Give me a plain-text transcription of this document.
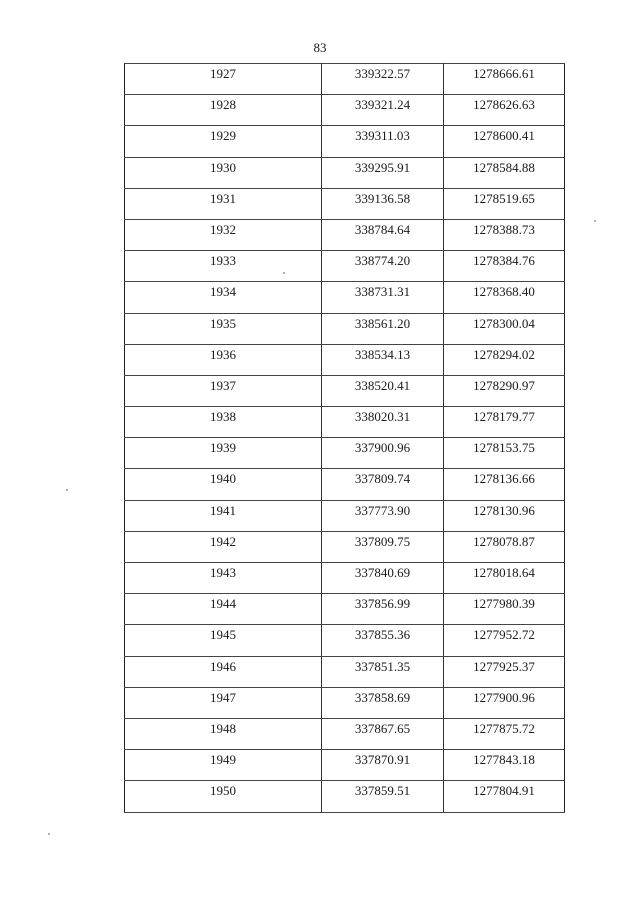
83
1927	339322.57	1278666.61

1928	339321.24	1278626.63

1929	339311.03	1278600.41

1930	339295.91	1278584.88

1931	339136.58	1278519.65

1932	338784.64	1278388.73

1933	338774.20	1278384.76

1934	338731.31	1278368.40

1935	338561.20	1278300.04

1936	338534.13	1278294.02

1937	338520.41	1278290.97

1938	338020.31	1278179.77

1939	337900.96	1278153.75

1940	337809.74	1278136.66

1941	337773.90	1278130.96

1942	337809.75	1278078.87

1943	337840.69	1278018.64

1944	337856.99	1277980.39

1945	337855.36	1277952.72

1946	337851.35	1277925.37

1947	337858.69	1277900.96

1948	337867.65	1277875.72

1949	337870.91	1277843.18

1950	337859.51	1277804.91
